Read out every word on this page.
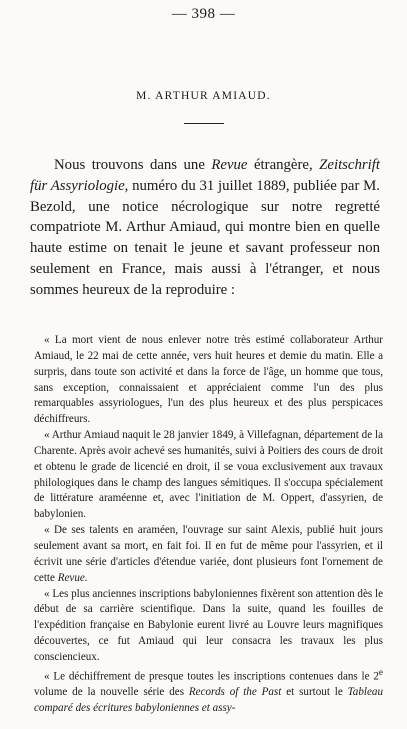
— 398 —
M. ARTHUR AMIAUD.

Nous trouvons dans une Revue étrangère, Zeitschrift für Assyriologie, numéro du 31 juillet 1889, publiée par M. Bezold, une notice nécrologique sur notre regretté compatriote M. Arthur Amiaud, qui montre bien en quelle haute estime on tenait le jeune et savant professeur non seulement en France, mais aussi à l'étranger, et nous sommes heureux de la reproduire :

« La mort vient de nous enlever notre très estimé collaborateur Arthur Amiaud, le 22 mai de cette année, vers huit heures et demie du matin. Elle a surpris, dans toute son activité et dans la force de l'âge, un homme que tous, sans exception, connaissaient et appréciaient comme l'un des plus remarquables assyriologues, l'un des plus heureux et des plus perspicaces déchiffreurs.

« Arthur Amiaud naquit le 28 janvier 1849, à Villefagnan, département de la Charente. Après avoir achevé ses humanités, suivi à Poitiers des cours de droit et obtenu le grade de licencié en droit, il se voua exclusivement aux travaux philologiques dans le champ des langues sémitiques. Il s'occupa spécialement de littérature araméenne et, avec l'initiation de M. Oppert, d'assyrien, de babylonien.

« De ses talents en araméen, l'ouvrage sur saint Alexis, publié huit jours seulement avant sa mort, en fait foi. Il en fut de même pour l'assyrien, et il écrivit une série d'articles d'étendue variée, dont plusieurs font l'ornement de cette Revue.

« Les plus anciennes inscriptions babyloniennes fixèrent son attention dès le début de sa carrière scientifique. Dans la suite, quand les fouilles de l'expédition française en Babylonie eurent livré au Louvre leurs magnifiques découvertes, ce fut Amiaud qui leur consacra les travaux les plus consciencieux.

« Le déchiffrement de presque toutes les inscriptions contenues dans le 2e volume de la nouvelle série des Records of the Past et surtout le Tableau comparé des écritures babyloniennes et assy-
